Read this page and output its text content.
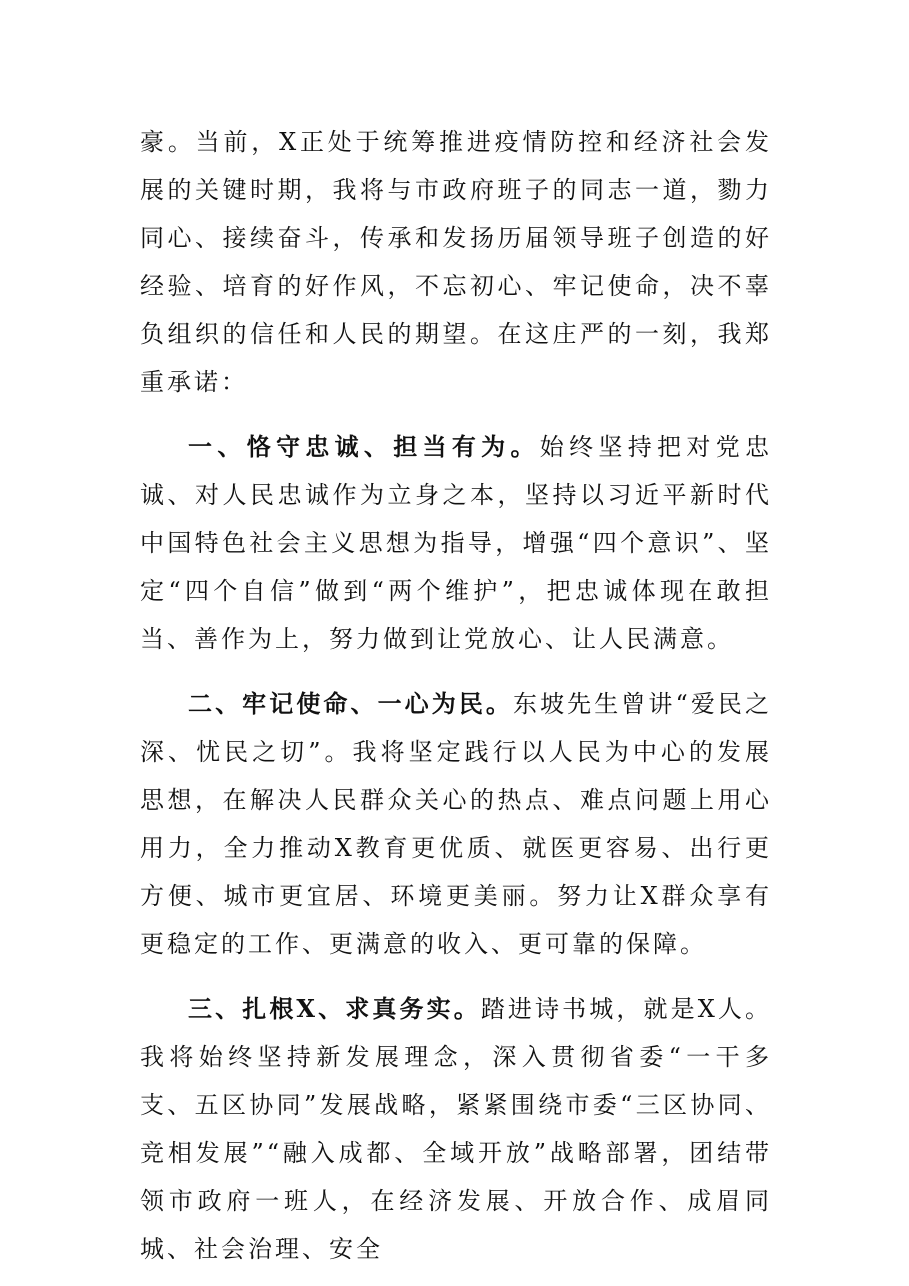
豪。当前，X正处于统筹推进疫情防控和经济社会发展的关键时期，我将与市政府班子的同志一道，勠力同心、接续奋斗，传承和发扬历届领导班子创造的好经验、培育的好作风，不忘初心、牢记使命，决不辜负组织的信任和人民的期望。在这庄严的一刻，我郑重承诺：

一、恪守忠诚、担当有为。始终坚持把对党忠诚、对人民忠诚作为立身之本，坚持以习近平新时代中国特色社会主义思想为指导，增强“四个意识”、坚定“四个自信”做到“两个维护”，把忠诚体现在敢担当、善作为上，努力做到让党放心、让人民满意。

二、牢记使命、一心为民。东坡先生曾讲“爱民之深、忧民之切”。我将坚定践行以人民为中心的发展思想，在解决人民群众关心的热点、难点问题上用心用力，全力推动X教育更优质、就医更容易、出行更方便、城市更宜居、环境更美丽。努力让X群众享有更稳定的工作、更满意的收入、更可靠的保障。

三、扎根X、求真务实。踏进诗书城，就是X人。我将始终坚持新发展理念，深入贯彻省委“一干多支、五区协同”发展战略，紧紧围绕市委“三区协同、竞相发展”“融入成都、全域开放”战略部署，团结带领市政府一班人，在经济发展、开放合作、成眉同城、社会治理、安全
